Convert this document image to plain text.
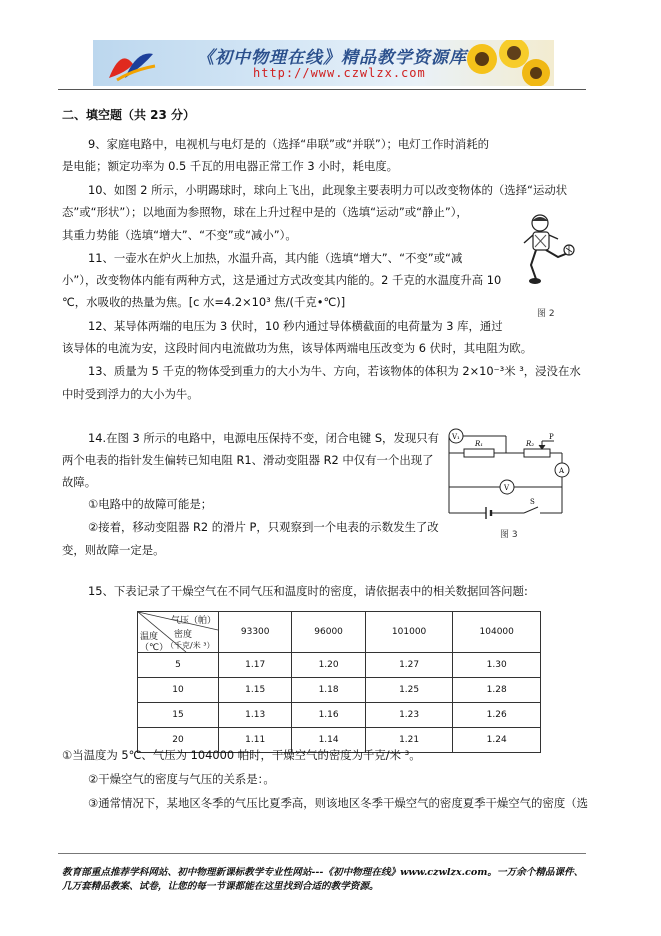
《初中物理在线》精品教学资源库
http://www.czwlzx.com
二、填空题（共 23 分）
9、家庭电路中，电视机与电灯是的（选择“串联”或“并联”）；电灯工作时消耗的
是电能；额定功率为 0.5 千瓦的用电器正常工作 3 小时，耗电度。
10、如图 2 所示，小明踢球时，球向上飞出，此现象主要表明力可以改变物体的（选择“运动状
态”或“形状”）；以地面为参照物，球在上升过程中是的（选填“运动”或“静止”），
其重力势能（选填“增大”、“不变”或“减小”）。
11、一壶水在炉火上加热，水温升高，其内能（选填“增大”、“不变”或“减
小”），改变物体内能有两种方式，这是通过方式改变其内能的。2 千克的水温度升高 10
℃，水吸收的热量为焦。[c 水=4.2×10³ 焦/(千克•℃)]
图 2
12、某导体两端的电压为 3 伏时，10 秒内通过导体横截面的电荷量为 3 库，通过
该导体的电流为安，这段时间内电流做功为焦，该导体两端电压改变为 6 伏时，其电阻为欧。
13、质量为 5 千克的物体受到重力的大小为牛、方向，若该物体的体积为 2×10⁻³米 ³，浸没在水
中时受到浮力的大小为牛。
14.在图 3 所示的电路中，电源电压保持不变，闭合电键 S，发现只有
两个电表的指针发生偏转已知电阻 R1、滑动变阻器 R2 中仅有一个出现了
故障。
①电路中的故障可能是；
②接着，移动变阻器 R2 的滑片 P，只观察到一个电表的示数发生了改
变，则故障一定是。
V₁
R₁	R₂
P
A
V
S
图 3
15、下表记录了干燥空气在不同气压和温度时的密度，请依据表中的相关数据回答问题:
气压（帕）
密度
（千克/米 ³）
温度
（℃）	93300	96000	101000	104000
5	1.17	1.20	1.27	1.30
10	1.15	1.18	1.25	1.28
15	1.13	1.16	1.23	1.26
20	1.11	1.14	1.21	1.24
①当温度为 5℃、气压为 104000 帕时，干燥空气的密度为千克/米 ³。
②干燥空气的密度与气压的关系是：。
③通常情况下，某地区冬季的气压比夏季高，则该地区冬季干燥空气的密度夏季干燥空气的密度（选
教育部重点推荐学科网站、初中物理新课标教学专业性网站---《初中物理在线》www.czwlzx.com。一万余个精品课件、
几万套精品教案、试卷，让您的每一节课都能在这里找到合适的教学资源。
